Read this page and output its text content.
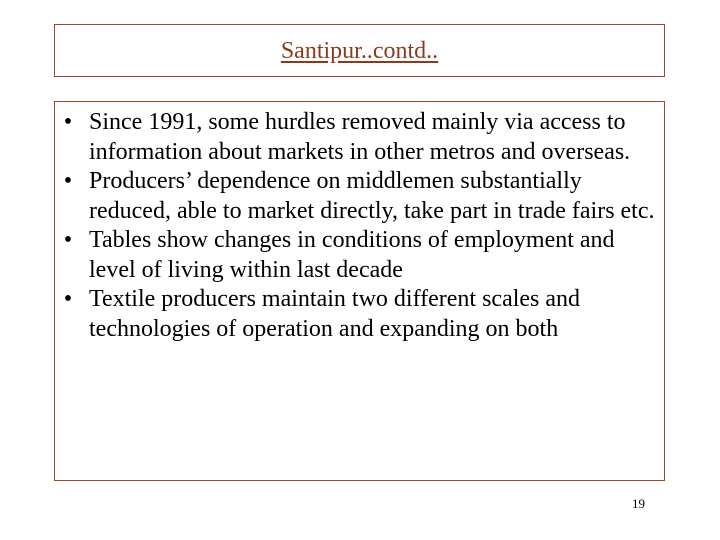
Santipur..contd..
• Since 1991, some hurdles removed mainly via access to information about markets in other metros and overseas.
• Producers’ dependence on middlemen substantially reduced, able to market directly, take part in trade fairs etc.
• Tables show changes in conditions of employment and level of living within last decade
• Textile producers maintain two different scales and technologies of operation and expanding on both
19
